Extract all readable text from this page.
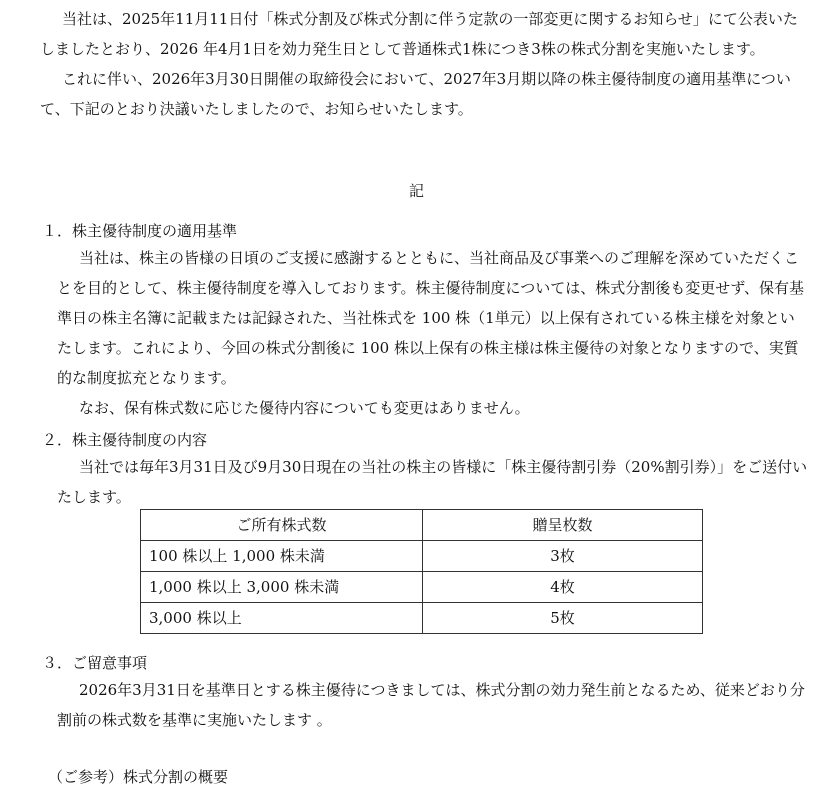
当社は、2025年11月11日付「株式分割及び株式分割に伴う定款の一部変更に関するお知らせ」にて公表いたしましたとおり、2026 年4月1日を効力発生日として普通株式1株につき3株の株式分割を実施いたします。

これに伴い、2026年3月30日開催の取締役会において、2027年3月期以降の株主優待制度の適用基準について、下記のとおり決議いたしましたので、お知らせいたします。

記

１．株主優待制度の適用基準

当社は、株主の皆様の日頃のご支援に感謝するとともに、当社商品及び事業へのご理解を深めていただくことを目的として、株主優待制度を導入しております。株主優待制度については、株式分割後も変更せず、保有基準日の株主名簿に記載または記録された、当社株式を 100 株（1単元）以上保有されている株主様を対象といたします。これにより、今回の株式分割後に 100 株以上保有の株主様は株主優待の対象となりますので、実質的な制度拡充となります。

なお、保有株式数に応じた優待内容についても変更はありません。

２．株主優待制度の内容

当社では毎年3月31日及び9月30日現在の当社の株主の皆様に「株主優待割引券（20%割引券）」をご送付いたします。

ご所有株式数	贈呈枚数
100 株以上 1,000 株未満	3枚
1,000 株以上 3,000 株未満	4枚
3,000 株以上	5枚

３．ご留意事項

2026年3月31日を基準日とする株主優待につきましては、株式分割の効力発生前となるため、従来どおり分割前の株式数を基準に実施いたします 。

（ご参考）株式分割の概要
